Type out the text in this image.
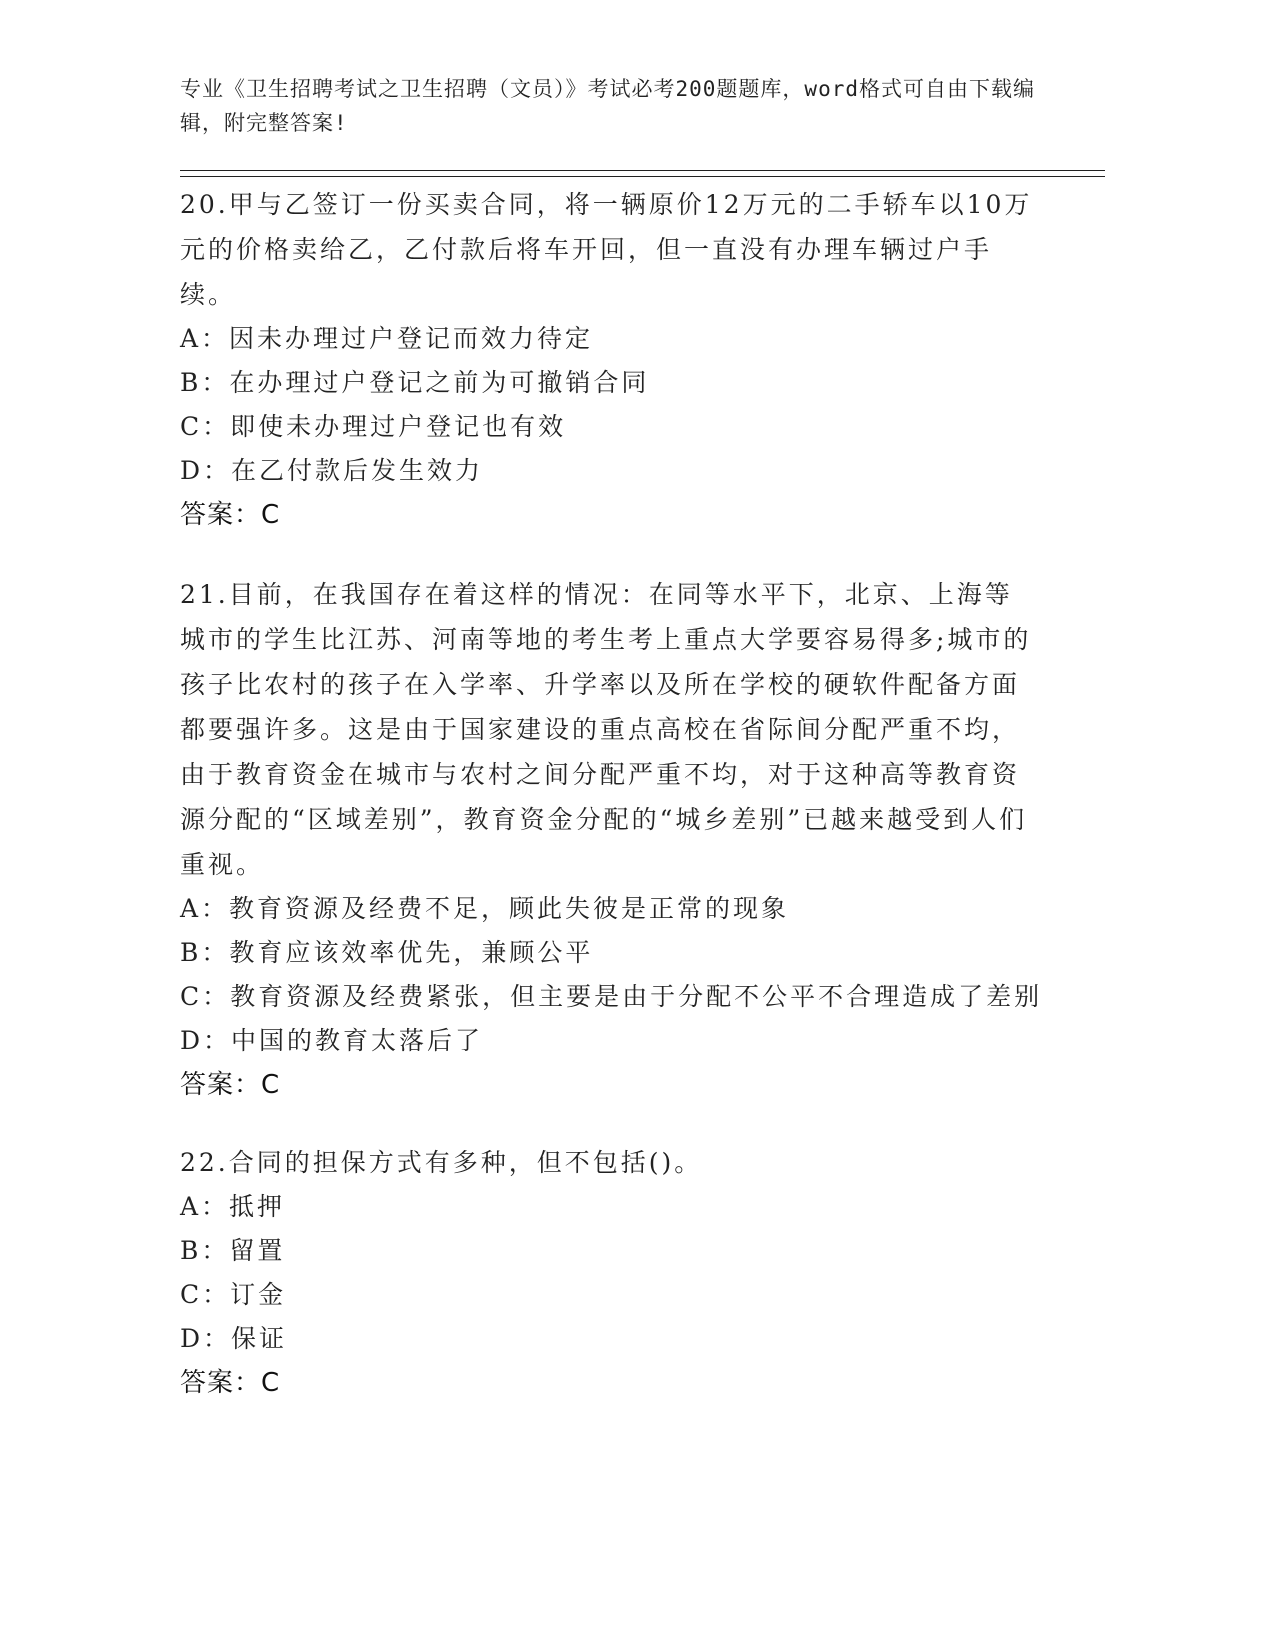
专业《卫生招聘考试之卫生招聘（文员）》考试必考200题题库，word格式可自由下载编辑，附完整答案!
20.甲与乙签订一份买卖合同，将一辆原价12万元的二手轿车以10万元的价格卖给乙，乙付款后将车开回，但一直没有办理车辆过户手续。
A：因未办理过户登记而效力待定
B：在办理过户登记之前为可撤销合同
C：即使未办理过户登记也有效
D：在乙付款后发生效力
答案：C
21.目前，在我国存在着这样的情况：在同等水平下，北京、上海等城市的学生比江苏、河南等地的考生考上重点大学要容易得多;城市的孩子比农村的孩子在入学率、升学率以及所在学校的硬软件配备方面都要强许多。这是由于国家建设的重点高校在省际间分配严重不均，由于教育资金在城市与农村之间分配严重不均，对于这种高等教育资源分配的“区域差别”，教育资金分配的“城乡差别”已越来越受到人们重视。
A：教育资源及经费不足，顾此失彼是正常的现象
B：教育应该效率优先，兼顾公平
C：教育资源及经费紧张，但主要是由于分配不公平不合理造成了差别
D：中国的教育太落后了
答案：C
22.合同的担保方式有多种，但不包括()。
A：抵押
B：留置
C：订金
D：保证
答案：C
